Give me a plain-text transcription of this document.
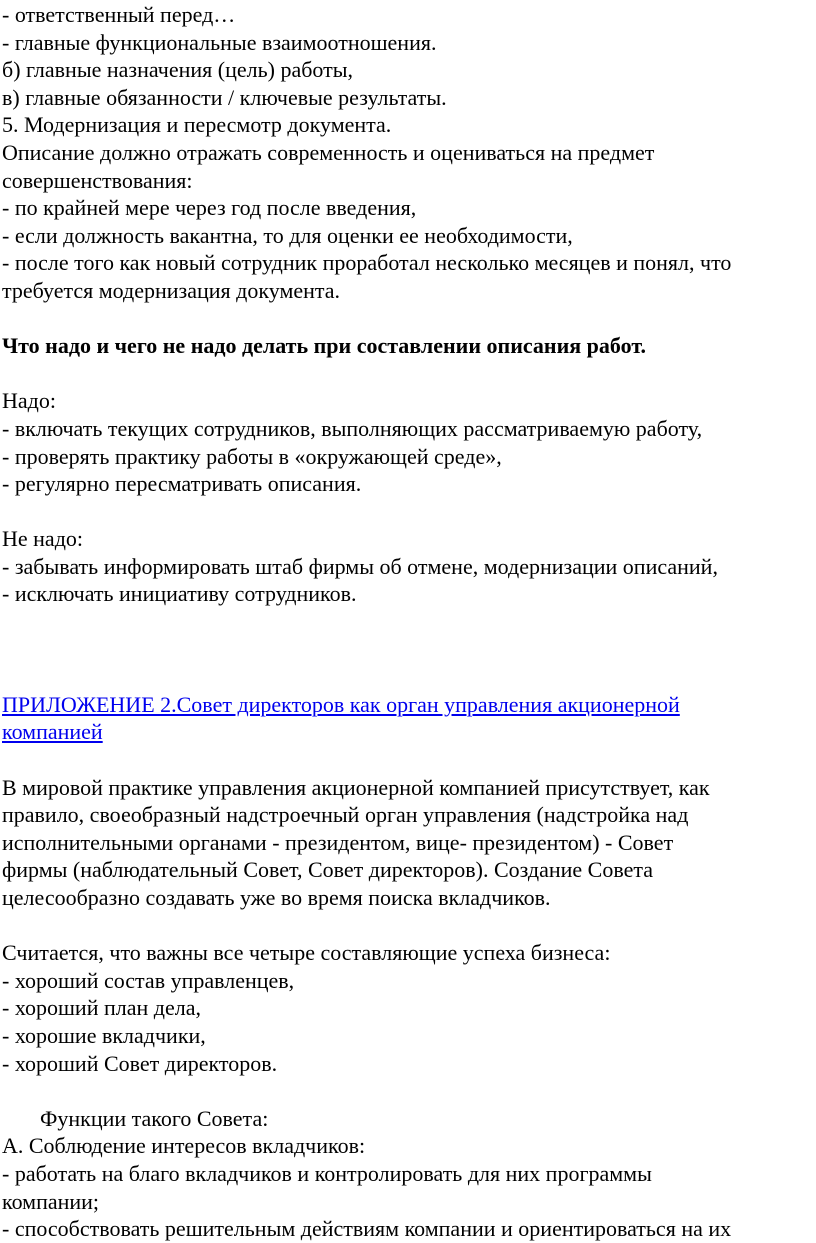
- ответственный перед…
- главные функциональные взаимоотношения.
б) главные назначения (цель) работы,
в) главные обязанности / ключевые результаты.
5. Модернизация и пересмотр документа.
Описание должно отражать современность и оцениваться на предмет
совершенствования:
- по крайней мере через год после введения,
- если должность вакантна, то для оценки ее необходимости,
- после того как новый сотрудник проработал несколько месяцев и понял, что
требуется модернизация документа.
Что надо и чего не надо делать при составлении описания работ.
Надо:
- включать текущих сотрудников, выполняющих рассматриваемую работу,
- проверять практику работы в «окружающей среде»,
- регулярно пересматривать описания.
Не надо:
- забывать информировать штаб фирмы об отмене, модернизации описаний,
- исключать инициативу сотрудников.
ПРИЛОЖЕНИЕ 2.Совет директоров как орган управления акционерной
компанией
В мировой практике управления акционерной компанией присутствует, как
правило, своеобразный надстроечный орган управления (надстройка над
исполнительными органами - президентом, вице- президентом) - Совет
фирмы (наблюдательный Совет, Совет директоров). Создание Совета
целесообразно создавать уже во время поиска вкладчиков.
Считается, что важны все четыре составляющие успеха бизнеса:
- хороший состав управленцев,
- хороший план дела,
- хорошие вкладчики,
- хороший Совет директоров.
Функции такого Совета:
А. Соблюдение интересов вкладчиков:
- работать на благо вкладчиков и контролировать для них программы
компании;
- способствовать решительным действиям компании и ориентироваться на их
